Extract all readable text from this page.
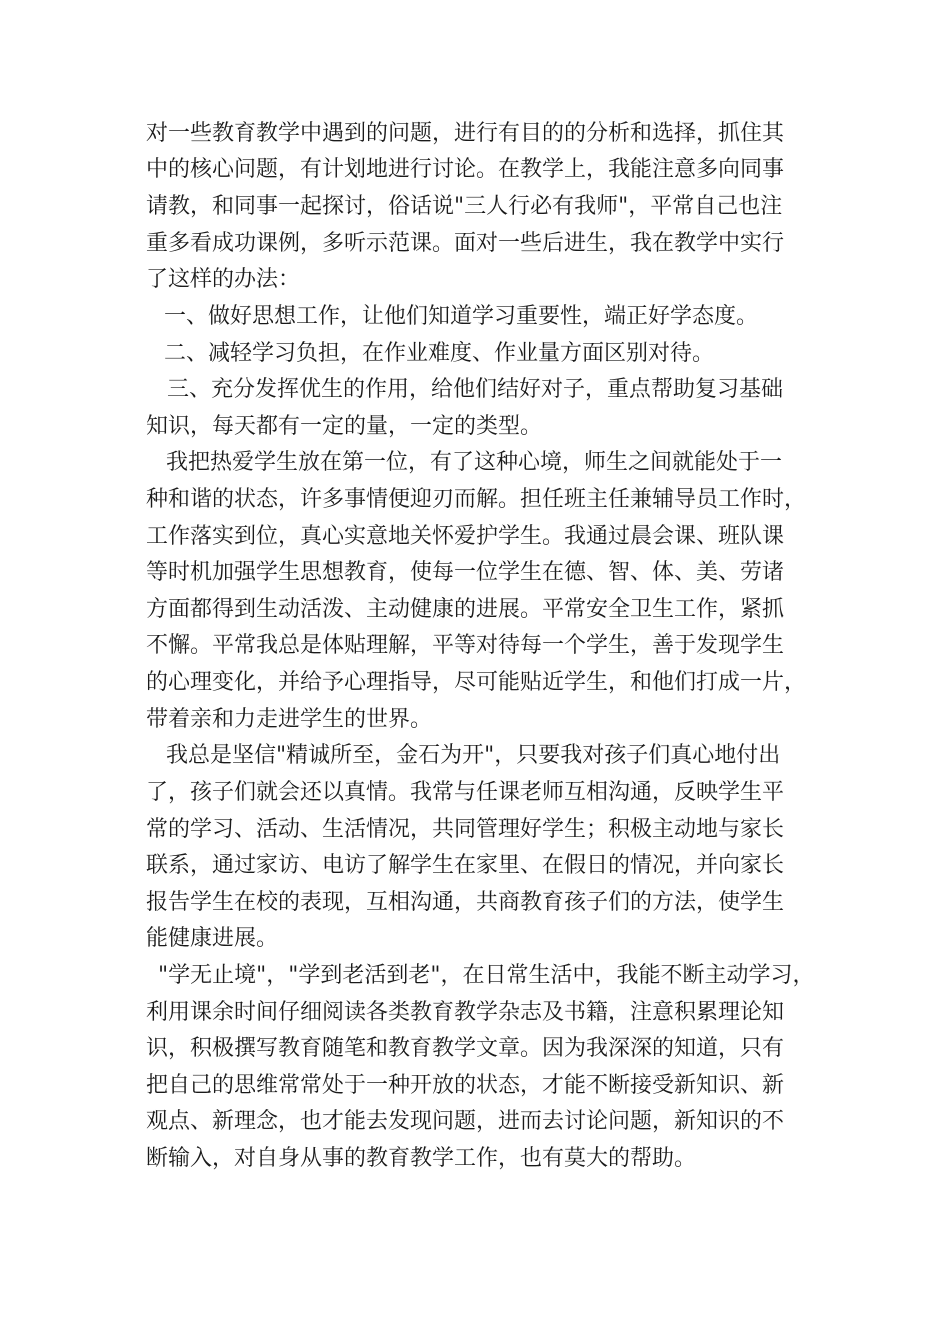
对一些教育教学中遇到的问题，进行有目的的分析和选择，抓住其
中的核心问题，有计划地进行讨论。在教学上，我能注意多向同事
请教，和同事一起探讨，俗话说"三人行必有我师"，平常自己也注
重多看成功课例，多听示范课。面对一些后进生，我在教学中实行
了这样的办法：
一、做好思想工作，让他们知道学习重要性，端正好学态度。
二、减轻学习负担，在作业难度、作业量方面区别对待。
三、充分发挥优生的作用，给他们结好对子，重点帮助复习基础
知识，每天都有一定的量，一定的类型。
我把热爱学生放在第一位，有了这种心境，师生之间就能处于一
种和谐的状态，许多事情便迎刃而解。担任班主任兼辅导员工作时，
工作落实到位，真心实意地关怀爱护学生。我通过晨会课、班队课
等时机加强学生思想教育，使每一位学生在德、智、体、美、劳诸
方面都得到生动活泼、主动健康的进展。平常安全卫生工作，紧抓
不懈。平常我总是体贴理解，平等对待每一个学生，善于发现学生
的心理变化，并给予心理指导，尽可能贴近学生，和他们打成一片，
带着亲和力走进学生的世界。
我总是坚信"精诚所至，金石为开"，只要我对孩子们真心地付出
了，孩子们就会还以真情。我常与任课老师互相沟通，反映学生平
常的学习、活动、生活情况，共同管理好学生；积极主动地与家长
联系，通过家访、电访了解学生在家里、在假日的情况，并向家长
报告学生在校的表现，互相沟通，共商教育孩子们的方法，使学生
能健康进展。
"学无止境"，"学到老活到老"，在日常生活中，我能不断主动学习，
利用课余时间仔细阅读各类教育教学杂志及书籍，注意积累理论知
识，积极撰写教育随笔和教育教学文章。因为我深深的知道，只有
把自己的思维常常处于一种开放的状态，才能不断接受新知识、新
观点、新理念，也才能去发现问题，进而去讨论问题，新知识的不
断输入，对自身从事的教育教学工作，也有莫大的帮助。
